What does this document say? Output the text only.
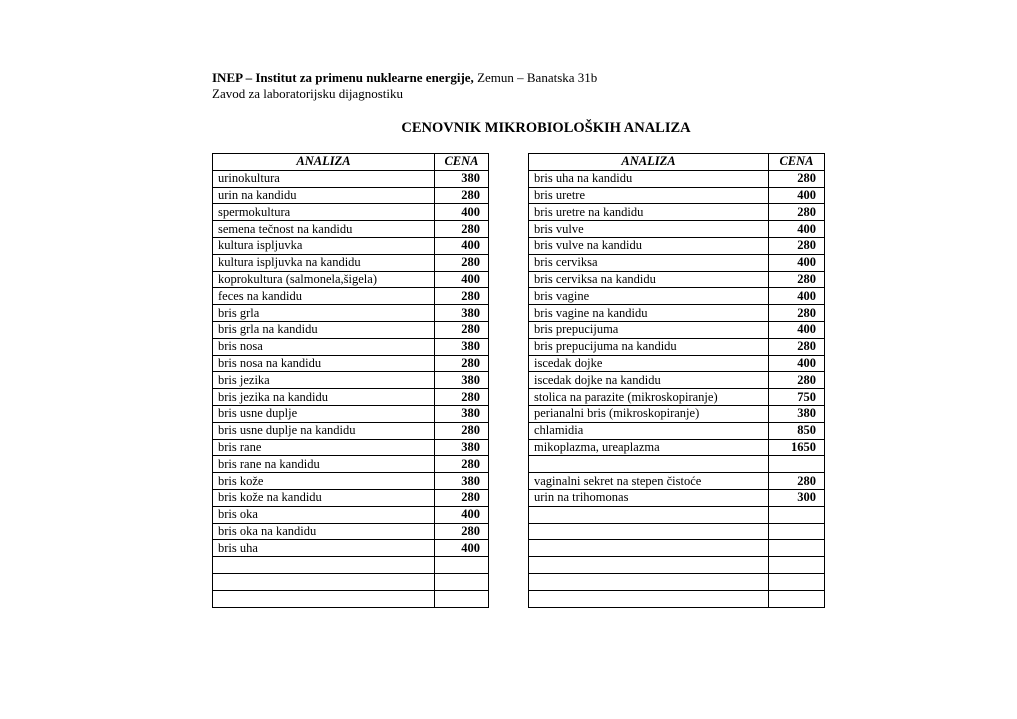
INEP – Institut za primenu nuklearne energije, Zemun – Banatska 31b
Zavod za laboratorijsku dijagnostiku
CENOVNIK MIKROBIOLOŠKIH ANALIZA
ANALIZA	CENA
urinokultura	380
urin na kandidu	280
spermokultura	400
semena tečnost na kandidu	280
kultura ispljuvka	400
kultura ispljuvka na kandidu	280
koprokultura (salmonela,šigela)	400
feces na kandidu	280
bris grla	380
bris grla na kandidu	280
bris nosa	380
bris nosa na kandidu	280
bris jezika	380
bris jezika na kandidu	280
bris usne duplje	380
bris usne duplje na kandidu	280
bris rane	380
bris rane na kandidu	280
bris kože	380
bris kože na kandidu	280
bris oka	400
bris oka na kandidu	280
bris uha	400

ANALIZA	CENA
bris uha na kandidu	280
bris uretre	400
bris uretre na kandidu	280
bris vulve	400
bris vulve na kandidu	280
bris cerviksa	400
bris cerviksa na kandidu	280
bris vagine	400
bris vagine na kandidu	280
bris prepucijuma	400
bris prepucijuma na kandidu	280
iscedak dojke	400
iscedak dojke na kandidu	280
stolica na parazite (mikroskopiranje)	750
perianalni bris (mikroskopiranje)	380
chlamidia	850
mikoplazma, ureaplazma	1650

vaginalni sekret na stepen čistoće	280
urin na trihomonas	300
